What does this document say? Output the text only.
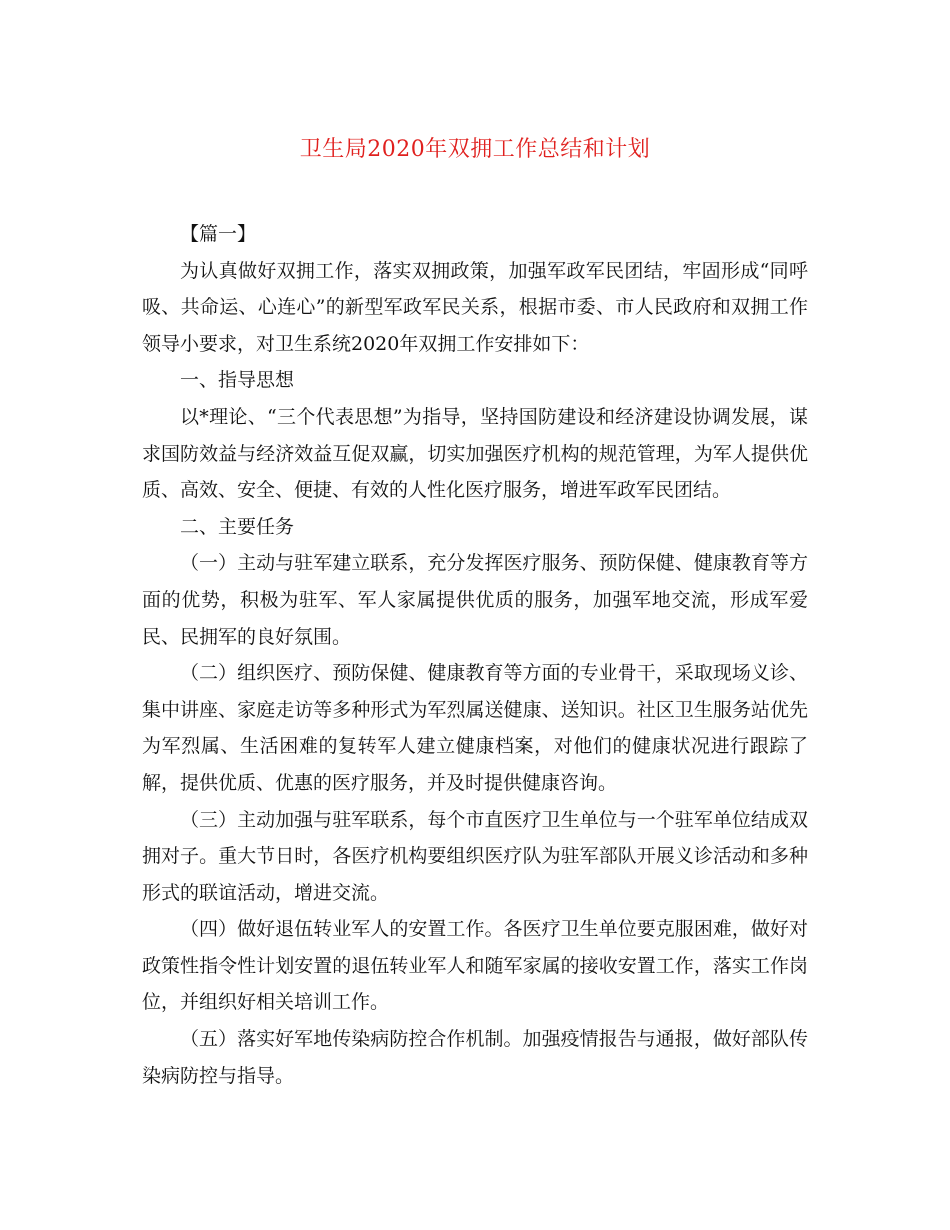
卫生局2020年双拥工作总结和计划

【篇一】

为认真做好双拥工作，落实双拥政策，加强军政军民团结，牢固形成“同呼吸、共命运、心连心”的新型军政军民关系，根据市委、市人民政府和双拥工作领导小要求，对卫生系统2020年双拥工作安排如下：

一、指导思想

以*理论、“三个代表思想”为指导，坚持国防建设和经济建设协调发展，谋求国防效益与经济效益互促双赢，切实加强医疗机构的规范管理，为军人提供优质、高效、安全、便捷、有效的人性化医疗服务，增进军政军民团结。

二、主要任务

（一）主动与驻军建立联系，充分发挥医疗服务、预防保健、健康教育等方面的优势，积极为驻军、军人家属提供优质的服务，加强军地交流，形成军爱民、民拥军的良好氛围。

（二）组织医疗、预防保健、健康教育等方面的专业骨干，采取现场义诊、集中讲座、家庭走访等多种形式为军烈属送健康、送知识。社区卫生服务站优先为军烈属、生活困难的复转军人建立健康档案，对他们的健康状况进行跟踪了解，提供优质、优惠的医疗服务，并及时提供健康咨询。

（三）主动加强与驻军联系，每个市直医疗卫生单位与一个驻军单位结成双拥对子。重大节日时，各医疗机构要组织医疗队为驻军部队开展义诊活动和多种形式的联谊活动，增进交流。

（四）做好退伍转业军人的安置工作。各医疗卫生单位要克服困难，做好对政策性指令性计划安置的退伍转业军人和随军家属的接收安置工作，落实工作岗位，并组织好相关培训工作。

（五）落实好军地传染病防控合作机制。加强疫情报告与通报，做好部队传染病防控与指导。
